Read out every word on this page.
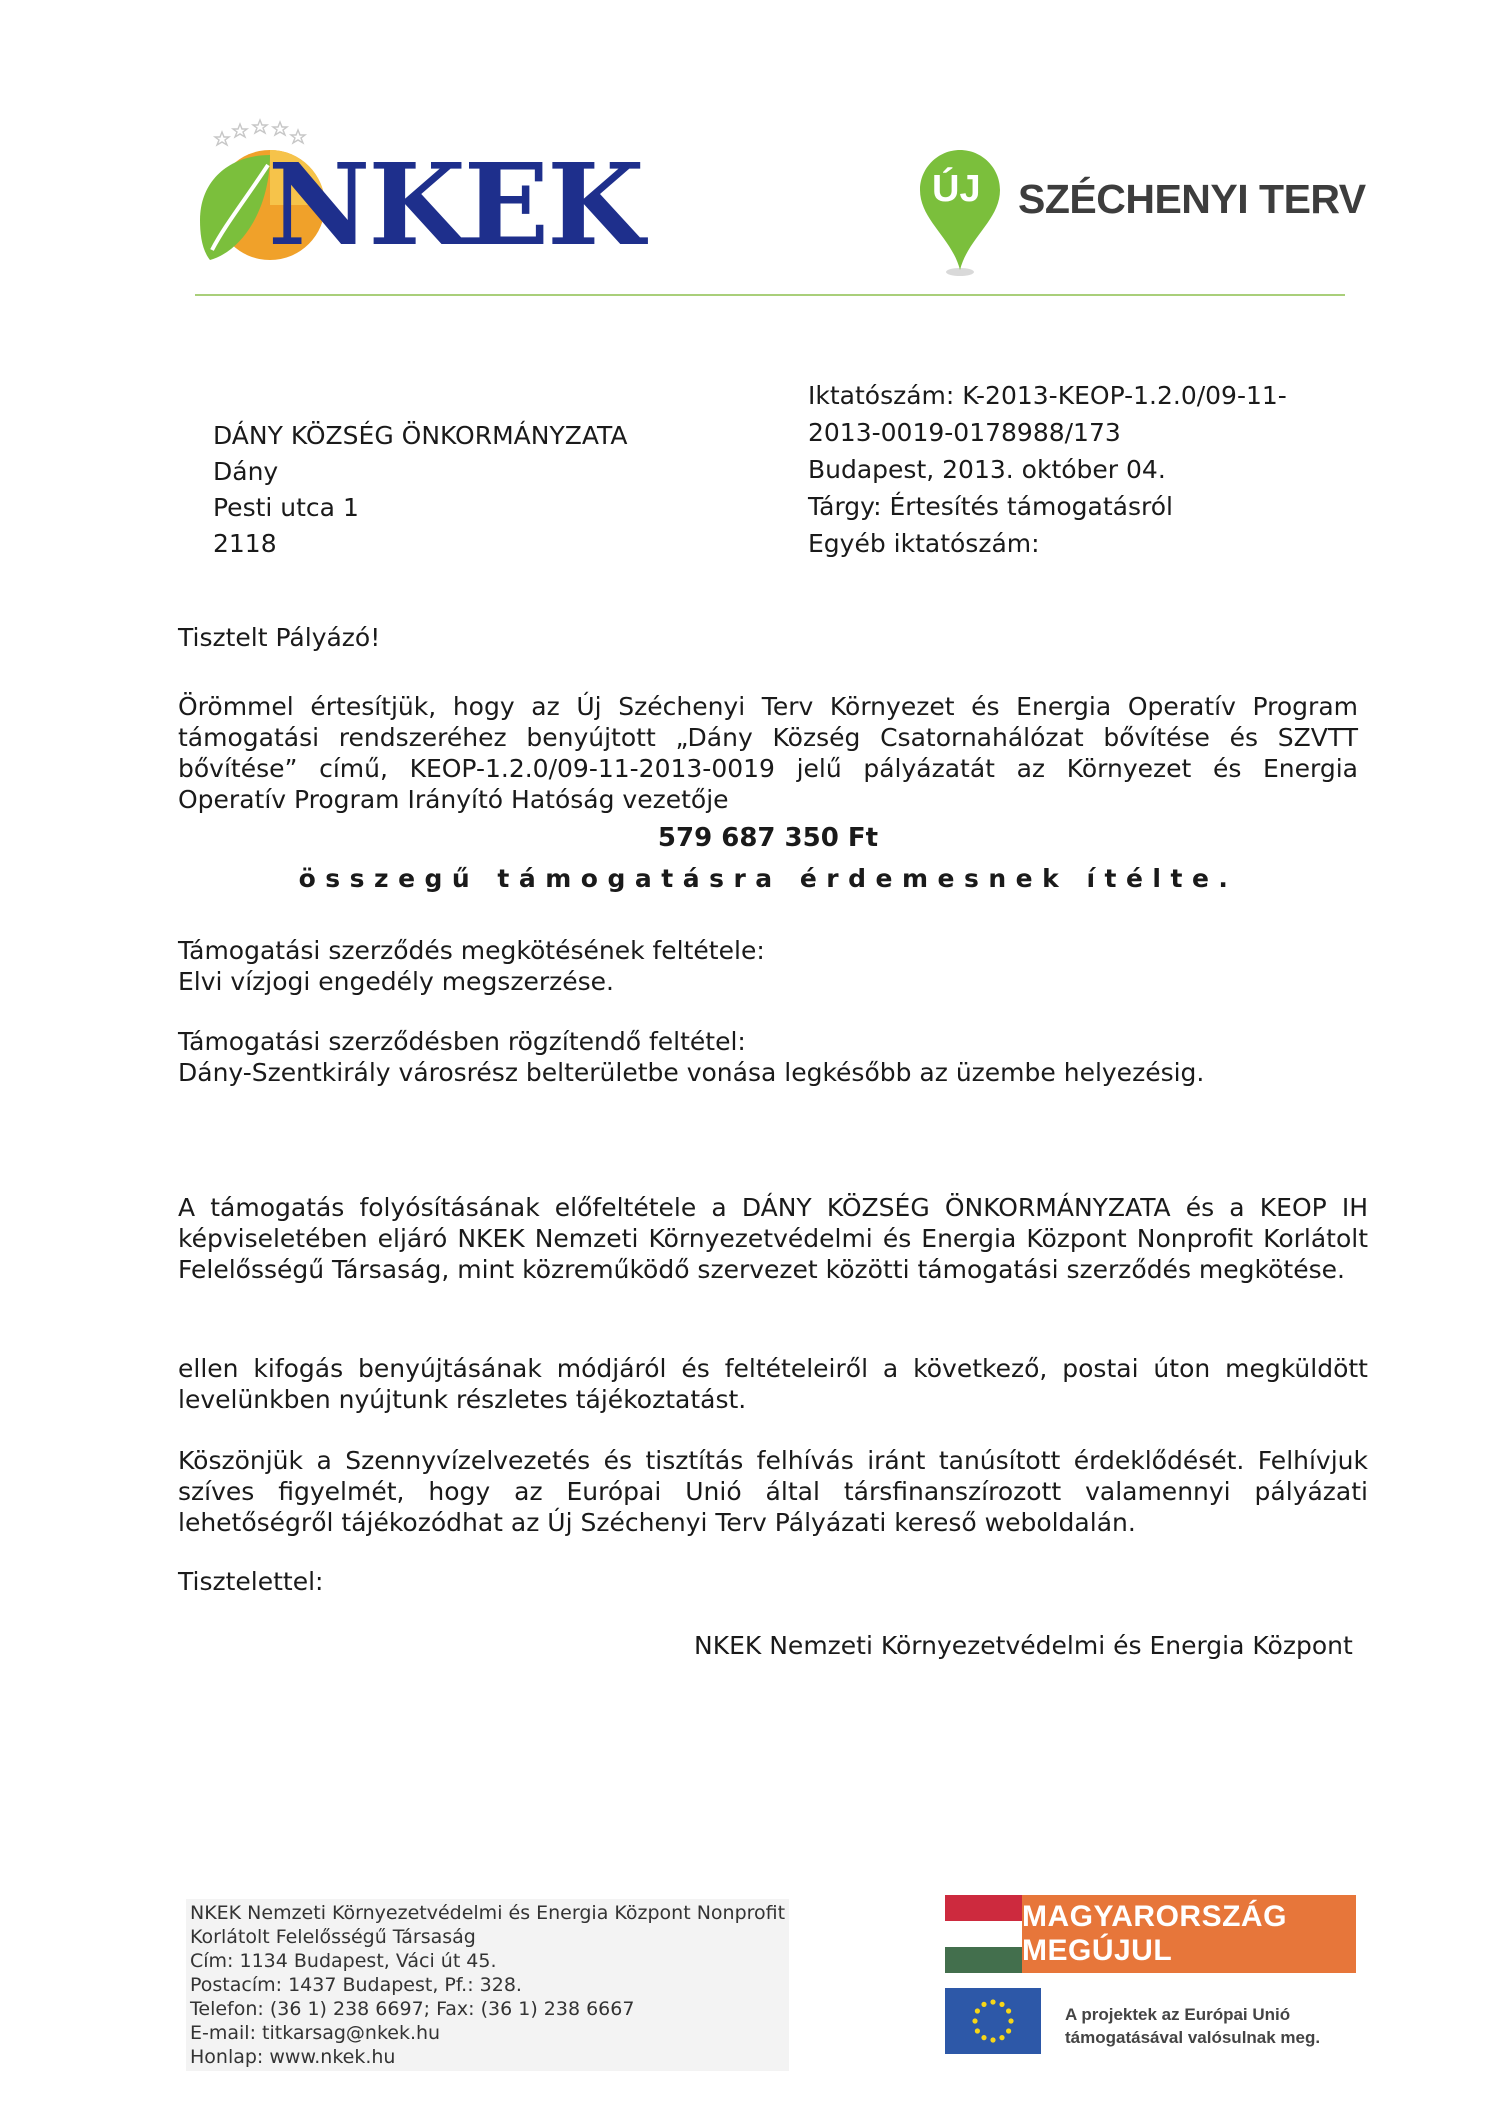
NKEK	ÚJ SZÉCHENYI TERV
DÁNY KÖZSÉG ÖNKORMÁNYZATA
Dány
Pesti utca 1
2118
Iktatószám: K-2013-KEOP-1.2.0/09-11-
2013-0019-0178988/173
Budapest, 2013. október 04.
Tárgy: Értesítés támogatásról
Egyéb iktatószám:
Tisztelt Pályázó!
Örömmel értesítjük, hogy az Új Széchenyi Terv Környezet és Energia Operatív Program támogatási rendszeréhez benyújtott „Dány Község Csatornahálózat bővítése és SZVTT bővítése” című, KEOP-1.2.0/09-11-2013-0019 jelű pályázatát az Környezet és Energia Operatív Program Irányító Hatóság vezetője
579 687 350 Ft
összegű támogatásra érdemesnek ítélte.
Támogatási szerződés megkötésének feltétele:
Elvi vízjogi engedély megszerzése.
Támogatási szerződésben rögzítendő feltétel:
Dány-Szentkirály városrész belterületbe vonása legkésőbb az üzembe helyezésig.
A támogatás folyósításának előfeltétele a DÁNY KÖZSÉG ÖNKORMÁNYZATA és a KEOP IH képviseletében eljáró NKEK Nemzeti Környezetvédelmi és Energia Központ Nonprofit Korlátolt Felelősségű Társaság, mint közreműködő szervezet közötti támogatási szerződés megkötése.
ellen kifogás benyújtásának módjáról és feltételeiről a következő, postai úton megküldött
levelünkben nyújtunk részletes tájékoztatást.
Köszönjük a Szennyvízelvezetés és tisztítás felhívás iránt tanúsított érdeklődését. Felhívjuk szíves figyelmét, hogy az Európai Unió által társfinanszírozott valamennyi pályázati lehetőségről tájékozódhat az Új Széchenyi Terv Pályázati kereső weboldalán.
Tisztelettel:
NKEK Nemzeti Környezetvédelmi és Energia Központ
NKEK Nemzeti Környezetvédelmi és Energia Központ Nonprofit
Korlátolt Felelősségű Társaság
Cím: 1134 Budapest, Váci út 45.
Postacím: 1437 Budapest, Pf.: 328.
Telefon: (36 1) 238 6697; Fax: (36 1) 238 6667
E-mail: titkarsag@nkek.hu
Honlap: www.nkek.hu
MAGYARORSZÁG MEGÚJUL
A projektek az Európai Unió
támogatásával valósulnak meg.
